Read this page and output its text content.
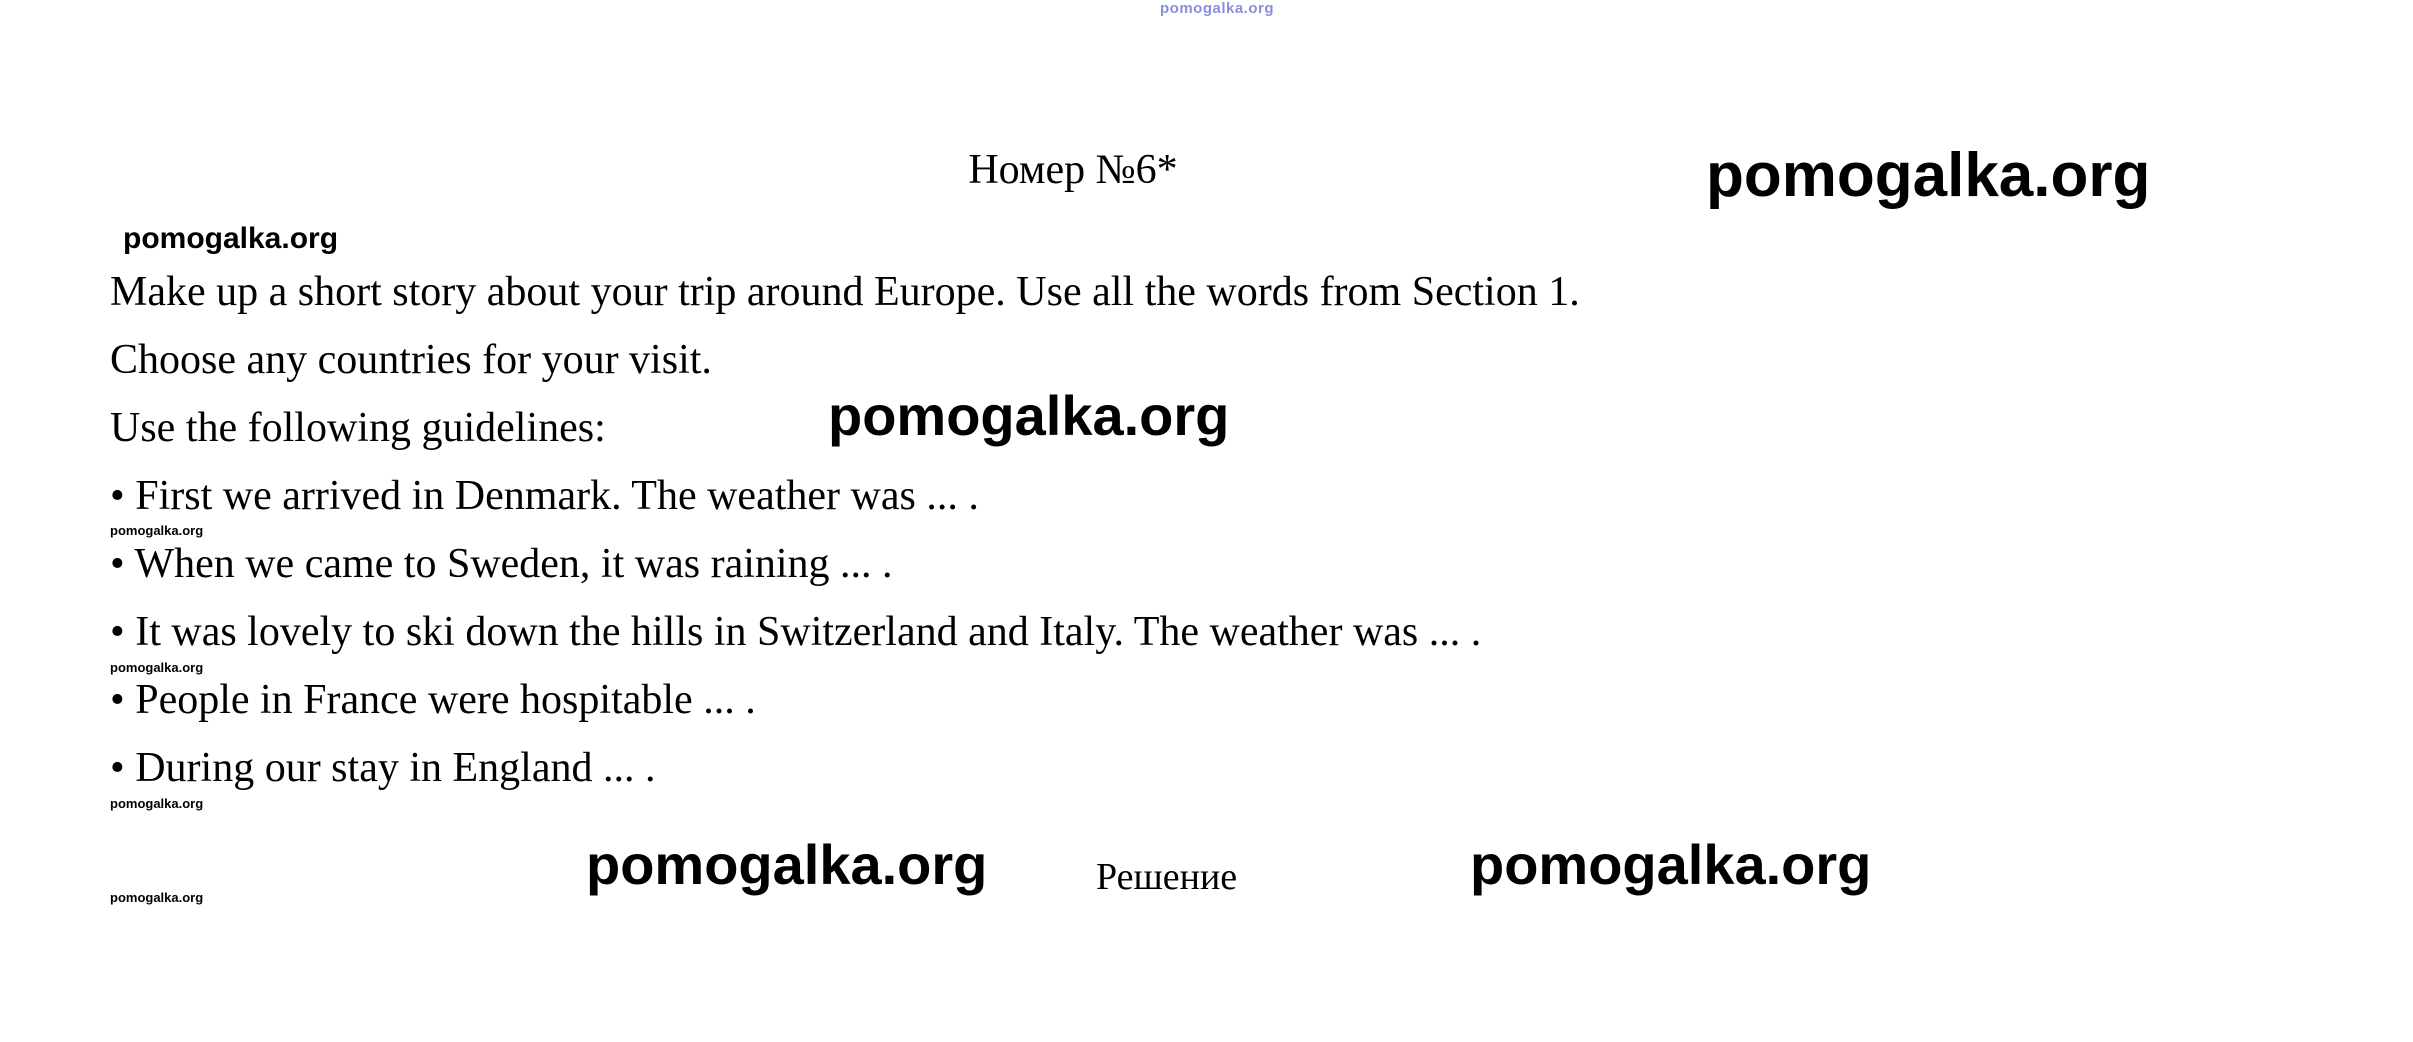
pomogalka.org
Номер №6*	pomogalka.org
pomogalka.org
Make up a short story about your trip around Europe. Use all the words from Section 1.
Choose any countries for your visit.
Use the following guidelines:	pomogalka.org
• First we arrived in Denmark. The weather was ... .
pomogalka.org
• When we came to Sweden, it was raining ... .
• It was lovely to ski down the hills in Switzerland and Italy. The weather was ... .
pomogalka.org
• People in France were hospitable ... .
• During our stay in England ... .
pomogalka.org
pomogalka.org
pomogalka.org	Решение	pomogalka.org
